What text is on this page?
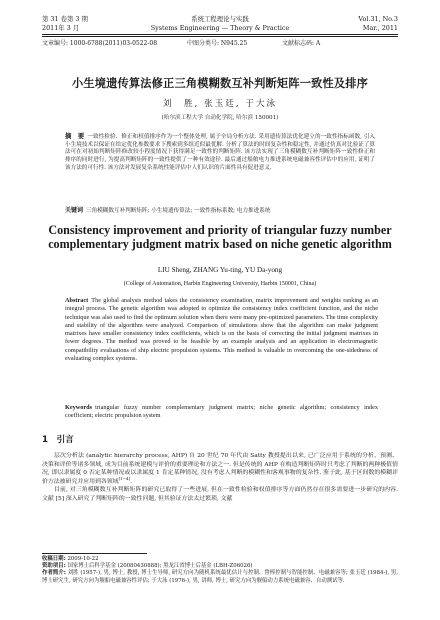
第 31 卷第 3 期	系统工程理论与实践	Vol.31, No.3
2011年 3 月	Systems Engineering — Theory & Practice	Mar., 2011
文章编号: 1000-6788(2011)03-0522-08	中图分类号: N945.25	文献标志码: A
小生境遗传算法修正三角模糊数互补判断矩阵一致性及排序
刘　胜, 张玉廷, 于大泳
(哈尔滨工程大学 自动化学院, 哈尔滨 150001)
摘　要 一致性检验、修正和权值排序作为一个整体处理, 属于全局分析方法. 采用遗传算法优化建立的一致性指标函数, 引入小生境技术以保证在给定优化参数要求下搜索到多组近似最优解. 分析了算法的时间复杂性和稳定性, 并通过仿真对比验证了算法可在对初始判断矩阵修改较小程度情况下获得满足一致性的判断矩阵. 该方法实现了三角模糊数互补判断矩阵一致性修正和排序的同时进行, 为提高判断矩阵的一致性提供了一种有效途径. 最后通过船舶电力推进系统电磁兼容性评估中的应用, 证明了该方法的可行性. 该方法对发展复杂系统性能评估中人们认识的片面性具有促进意义.
关键词 三角模糊数互补判断矩阵; 小生境遗传算法; 一致性指标系数; 电力推进系统
Consistency improvement and priority of triangular fuzzy number complementary judgment matrix based on niche genetic algorithm
LIU Sheng, ZHANG Yu-ting, YU Da-yong
(College of Automation, Harbin Engineering University, Harbin 150001, China)
Abstract The global analysis method takes the consistency examination, matrix improvement and weights ranking as an integral process. The genetic algorithm was adopted to optimize the consistency index coefficient function, and the niche technique was also used to find the optimum solution when there were many pre-optimized parameters. The time complexity and stability of the algorithm were analyzed. Comparison of simulations show that the algorithm can make judgment matrixes have smaller consistency index coefficients, which is on the basis of correcting the initial judgment matrixes in fewer degrees. The method was proved to be feasible by an example analysis and an application in electromagnetic compatibility evaluations of ship electric propulsion systems. This method is valuable in overcoming the one-sidedness of evaluating complex systems.
Keywords triangular fuzzy number complementary judgment matrix; niche genetic algorithm; consistency index coefficient; electric propulsion system
1　引言

层次分析法 (analytic hierarchy process, AHP) 自 20 世纪 70 年代由 Satty 教授提出以来, 已广泛应用于系统的分析、预测、决策和评价等诸多领域, 成为目前系统建模与评价的重要理论和方法之一. 但是传统的 AHP 在构造判断矩阵时只考虑了判断的两种极值情况, 即以隶属度 0 否定某种情况或以隶属度 1 肯定某种情况, 没有考虑人判断的模糊性和客观事物的复杂性. 鉴于此, 基于区间数的模糊评价方法被研究并应用到各领域[1−4].

目前, 对三角模糊数互补判断矩阵的研究已取得了一些进展, 但在一致性检验和权值排序等方面仍然存在很多需要进一步研究的内容. 文献 [5] 深入研究了判断矩阵的一致性问题, 但其验证方法太过繁琐, 文献

收稿日期: 2009-10-22
资助项目: 国家博士后科学基金 (20080430888); 黑龙江省博士后基金 (LBH-Z06026)
作者简介: 刘胜 (1957-), 男, 博士, 教授, 博士生导师, 研究方向为随机系统最优估计与控制、鲁棒控制与智能控制、电磁兼容等; 张玉廷 (1984-), 男, 博士研究生, 研究方向为舰船电磁兼容性评估; 于大泳 (1976-), 男, 讲师, 博士, 研究方向为舰船动力系统电磁兼容、自动测试等.
